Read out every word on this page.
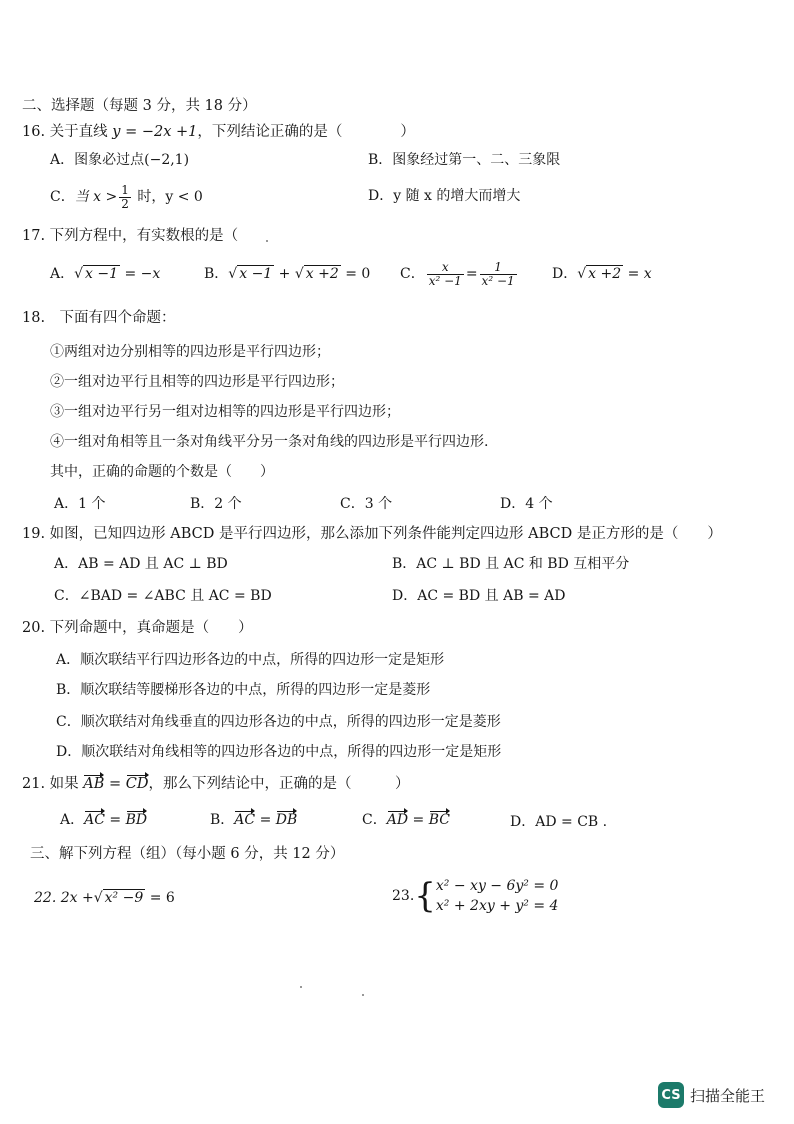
二、选择题（每题 3 分，共 18 分）
16. 关于直线 y = −2x +1，下列结论正确的是（　　　　）
A．图象必过点(−2,1)	B．图象经过第一、二、三象限
C．当 $x > \frac{1}{2}$ 时，y < 0	D．y 随 x 的增大而增大
17. 下列方程中，有实数根的是（
A．√ x −1 = −x	B．√ x −1 + √ x +2 = 0 C． $\frac{x}{\text{x² −1}} = \frac{1}{\text{x² −1}}$	D．√ x +2 = x
18.　下面有四个命题：
①两组对边分别相等的四边形是平行四边形；
②一组对边平行且相等的四边形是平行四边形；
③一组对边平行另一组对边相等的四边形是平行四边形；
④一组对角相等且一条对角线平分另一条对角线的四边形是平行四边形.
其中，正确的命题的个数是（　　）
A．1 个	B．2 个	C．3 个	D．4 个
19. 如图，已知四边形 ABCD 是平行四边形，那么添加下列条件能判定四边形 ABCD 是正方形的是（　　）
A．AB = AD 且 AC ⊥ BD	B．AC ⊥ BD 且 AC 和 BD 互相平分
C．∠BAD = ∠ABC 且 AC = BD	D．AC = BD 且 AB = AD
20. 下列命题中，真命题是（　　）
A．顺次联结平行四边形各边的中点，所得的四边形一定是矩形
B．顺次联结等腰梯形各边的中点，所得的四边形一定是菱形
C．顺次联结对角线垂直的四边形各边的中点，所得的四边形一定是菱形
D．顺次联结对角线相等的四边形各边的中点，所得的四边形一定是矩形
21. 如果 AB = CD，那么下列结论中，正确的是（　　　）
A．AC = BD	B．AC = DB	C．AD = BC	D．AD = CB .
三、解下列方程（组）（每小题 6 分，共 12 分）
22. 2x +√ x² −9 = 6	23.{ x² − xy − 6y² = 0
x² + 2xy + y² = 4
CS 扫描全能王
